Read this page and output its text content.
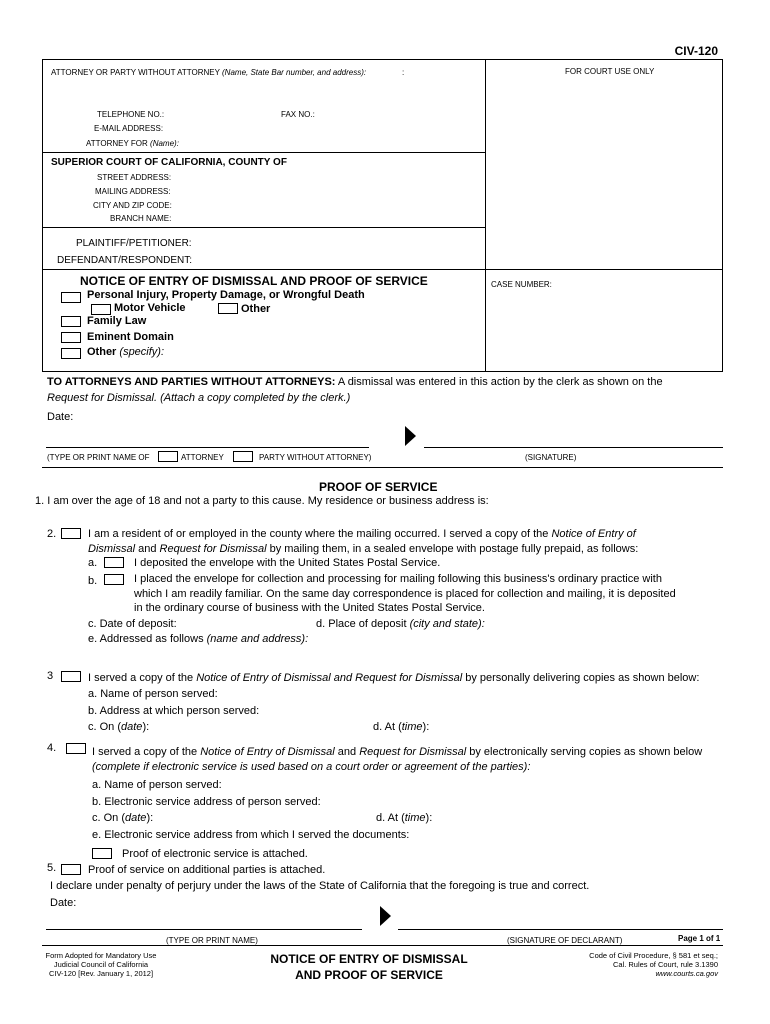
CIV-120
ATTORNEY OR PARTY WITHOUT ATTORNEY (Name, State Bar number, and address):	:	FOR COURT USE ONLY
TELEPHONE NO.:	FAX NO.:
E-MAIL ADDRESS:
ATTORNEY FOR (Name):
SUPERIOR COURT OF CALIFORNIA, COUNTY OF
STREET ADDRESS:
MAILING ADDRESS:
CITY AND ZIP CODE:
BRANCH NAME:
PLAINTIFF/PETITIONER:
DEFENDANT/RESPONDENT:
NOTICE OF ENTRY OF DISMISSAL AND PROOF OF SERVICE	CASE NUMBER:
Personal Injury, Property Damage, or Wrongful Death
Motor Vehicle	Other
Family Law
Eminent Domain
Other (specify):
TO ATTORNEYS AND PARTIES WITHOUT ATTORNEYS: A dismissal was entered in this action by the clerk as shown on the
Request for Dismissal. (Attach a copy completed by the clerk.)
Date:
(TYPE OR PRINT NAME OF	ATTORNEY	PARTY WITHOUT ATTORNEY)	(SIGNATURE)
PROOF OF SERVICE
1. I am over the age of 18 and not a party to this cause. My residence or business address is:
2.	I am a resident of or employed in the county where the mailing occurred. I served a copy of the Notice of Entry of
Dismissal and Request for Dismissal by mailing them, in a sealed envelope with postage fully prepaid, as follows:
a.	I deposited the envelope with the United States Postal Service.
b.	I placed the envelope for collection and processing for mailing following this business's ordinary practice with
which I am readily familiar. On the same day correspondence is placed for collection and mailing, it is deposited
in the ordinary course of business with the United States Postal Service.
c. Date of deposit:	d. Place of deposit (city and state):
e. Addressed as follows (name and address):
3	I served a copy of the Notice of Entry of Dismissal and Request for Dismissal by personally delivering copies as shown below:
a. Name of person served:
b. Address at which person served:
c. On (date):	d. At (time):
4.	I served a copy of the Notice of Entry of Dismissal and Request for Dismissal by electronically serving copies as shown below
(complete if electronic service is used based on a court order or agreement of the parties):
a. Name of person served:
b. Electronic service address of person served:
c. On (date):	d. At (time):
e. Electronic service address from which I served the documents:
Proof of electronic service is attached.
5.	Proof of service on additional parties is attached.
I declare under penalty of perjury under the laws of the State of California that the foregoing is true and correct.
Date:
(TYPE OR PRINT NAME)	(SIGNATURE OF DECLARANT)	Page 1 of 1
Form Adopted for Mandatory Use
Judicial Council of California
CIV-120 [Rev. January 1, 2012]
NOTICE OF ENTRY OF DISMISSAL
AND PROOF OF SERVICE
Code of Civil Procedure, § 581 et seq.;
Cal. Rules of Court, rule 3.1390
www.courts.ca.gov
